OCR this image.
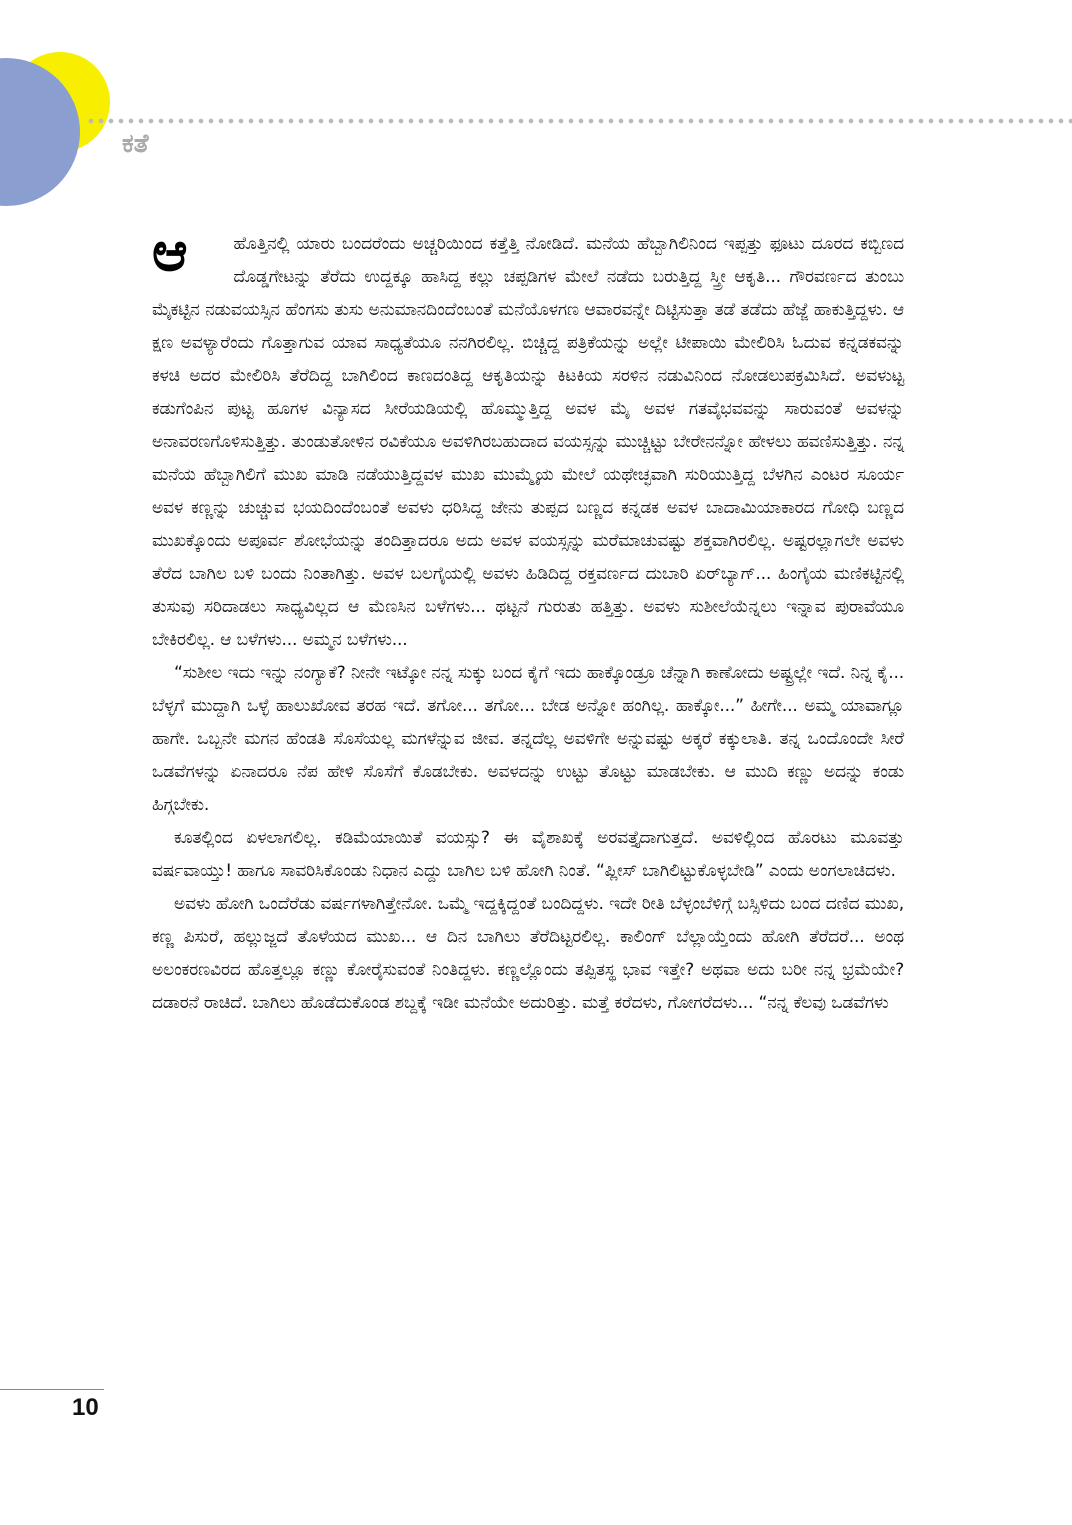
ಕತೆ

ಆ	ಹೊತ್ತಿನಲ್ಲಿ ಯಾರು ಬಂದರೆಂದು ಅಚ್ಚರಿಯಿಂದ ಕತ್ತೆತ್ತಿ ನೋಡಿದೆ. ಮನೆಯ ಹೆಬ್ಬಾಗಿಲಿನಿಂದ ಇಪ್ಪತ್ತು ಫೂಟು ದೂರದ ಕಬ್ಬಿಣದ ದೊಡ್ಡಗೇಟನ್ನು ತೆರೆದು ಉದ್ದಕ್ಕೂ ಹಾಸಿದ್ದ ಕಲ್ಲು ಚಪ್ಪಡಿಗಳ ಮೇಲೆ ನಡೆದು ಬರುತ್ತಿದ್ದ ಸ್ತ್ರೀ ಆಕೃತಿ... ಗೌರವರ್ಣದ ತುಂಬು ಮೈಕಟ್ಟಿನ ನಡುವಯಸ್ಸಿನ ಹೆಂಗಸು ತುಸು ಅನುಮಾನದಿಂದೆಂಬಂತೆ ಮನೆಯೊಳಗಣ ಆವಾರವನ್ನೇ ದಿಟ್ಟಿಸುತ್ತಾ ತಡೆ ತಡೆದು ಹೆಜ್ಜೆ ಹಾಕುತ್ತಿದ್ದಳು. ಆ ಕ್ಷಣ ಅವಳ್ಯಾರೆಂದು ಗೊತ್ತಾಗುವ ಯಾವ ಸಾಧ್ಯತೆಯೂ ನನಗಿರಲಿಲ್ಲ. ಬಿಚ್ಚಿದ್ದ ಪತ್ರಿಕೆಯನ್ನು ಅಲ್ಲೇ ಟೀಪಾಯಿ ಮೇಲಿರಿಸಿ ಓದುವ ಕನ್ನಡಕವನ್ನು ಕಳಚಿ ಅದರ ಮೇಲಿರಿಸಿ ತೆರೆದಿದ್ದ ಬಾಗಿಲಿಂದ ಕಾಣದಂತಿದ್ದ ಆಕೃತಿಯನ್ನು ಕಿಟಕಿಯ ಸರಳಿನ ನಡುವಿನಿಂದ ನೋಡಲುಪಕ್ರಮಿಸಿದೆ. ಅವಳುಟ್ಟ ಕಡುಗೆಂಪಿನ ಪುಟ್ಟ ಹೂಗಳ ವಿನ್ಯಾಸದ ಸೀರೆಯಡಿಯಲ್ಲಿ ಹೊಮ್ಮುತ್ತಿದ್ದ ಅವಳ ಮೈ ಅವಳ ಗತವೈಭವವನ್ನು ಸಾರುವಂತೆ ಅವಳನ್ನು ಅನಾವರಣಗೊಳಿಸುತ್ತಿತ್ತು. ತುಂಡುತೋಳಿನ ರವಿಕೆಯೂ ಅವಳಿಗಿರಬಹುದಾದ ವಯಸ್ಸನ್ನು ಮುಚ್ಚಿಟ್ಟು ಬೇರೇನನ್ನೋ ಹೇಳಲು ಹವಣಿಸುತ್ತಿತ್ತು. ನನ್ನ ಮನೆಯ ಹೆಬ್ಬಾಗಿಲಿಗೆ ಮುಖ ಮಾಡಿ ನಡೆಯುತ್ತಿದ್ದವಳ ಮುಖ ಮುಮ್ಮೈಯ ಮೇಲೆ ಯಥೇಚ್ಛವಾಗಿ ಸುರಿಯುತ್ತಿದ್ದ ಬೆಳಗಿನ ಎಂಟರ ಸೂರ್ಯ ಅವಳ ಕಣ್ಣನ್ನು ಚುಚ್ಚುವ ಭಯದಿಂದೆಂಬಂತೆ ಅವಳು ಧರಿಸಿದ್ದ ಜೇನು ತುಪ್ಪದ ಬಣ್ಣದ ಕನ್ನಡಕ ಅವಳ ಬಾದಾಮಿಯಾಕಾರದ ಗೋಧಿ ಬಣ್ಣದ ಮುಖಕ್ಕೊಂದು ಅಪೂರ್ವ ಶೋಭೆಯನ್ನು ತಂದಿತ್ತಾದರೂ ಅದು ಅವಳ ವಯಸ್ಸನ್ನು ಮರೆಮಾಚುವಷ್ಟು ಶಕ್ತವಾಗಿರಲಿಲ್ಲ. ಅಷ್ಟರಲ್ಲಾಗಲೇ ಅವಳು ತೆರೆದ ಬಾಗಿಲ ಬಳಿ ಬಂದು ನಿಂತಾಗಿತ್ತು. ಅವಳ ಬಲಗೈಯಲ್ಲಿ ಅವಳು ಹಿಡಿದಿದ್ದ ರಕ್ತವರ್ಣದ ದುಬಾರಿ ಏರ್‌ಬ್ಯಾಗ್... ಹಿಂಗೈಯ ಮಣಿಕಟ್ಟಿನಲ್ಲಿ ತುಸುವು ಸರಿದಾಡಲು ಸಾಧ್ಯವಿಲ್ಲದ ಆ ಮೆಣಸಿನ ಬಳೆಗಳು... ಥಟ್ಟನೆ ಗುರುತು ಹತ್ತಿತ್ತು. ಅವಳು ಸುಶೀಲೆಯೆನ್ನಲು ಇನ್ನಾವ ಪುರಾವೆಯೂ ಬೇಕಿರಲಿಲ್ಲ. ಆ ಬಳೆಗಳು... ಅಮ್ಮನ ಬಳೆಗಳು...

“ಸುಶೀಲ ಇದು ಇನ್ನು ನಂಗ್ಯಾಕೆ? ನೀನೇ ಇಟ್ಕೋ ನನ್ನ ಸುಕ್ಕು ಬಂದ ಕೈಗೆ ಇದು ಹಾಕ್ಕೊಂಡ್ರೂ ಚೆನ್ನಾಗಿ ಕಾಣೋದು ಅಷ್ಟ್ರಲ್ಲೇ ಇದೆ. ನಿನ್ನ ಕೈ... ಬೆಳ್ಳಗೆ ಮುದ್ದಾಗಿ ಒಳ್ಳೆ ಹಾಲುಖೋವ ತರಹ ಇದೆ. ತಗೋ... ತಗೋ... ಬೇಡ ಅನ್ನೋ ಹಂಗಿಲ್ಲ. ಹಾಕ್ಕೋ...” ಹೀಗೇ... ಅಮ್ಮ ಯಾವಾಗ್ಲೂ ಹಾಗೇ. ಒಬ್ಬನೇ ಮಗನ ಹೆಂಡತಿ ಸೊಸೆಯಲ್ಲ ಮಗಳೆನ್ನುವ ಜೀವ. ತನ್ನದೆಲ್ಲ ಅವಳಿಗೇ ಅನ್ನುವಷ್ಟು ಅಕ್ಕರೆ ಕಕ್ಕುಲಾತಿ. ತನ್ನ ಒಂದೊಂದೇ ಸೀರೆ ಒಡವೆಗಳನ್ನು ಏನಾದರೂ ನೆಪ ಹೇಳಿ ಸೊಸೆಗೆ ಕೊಡಬೇಕು. ಅವಳದನ್ನು ಉಟ್ಟು ತೊಟ್ಟು ಮಾಡಬೇಕು. ಆ ಮುದಿ ಕಣ್ಣು ಅದನ್ನು ಕಂಡು ಹಿಗ್ಗಬೇಕು.

ಕೂತಲ್ಲಿಂದ ಏಳಲಾಗಲಿಲ್ಲ. ಕಡಿಮೆಯಾಯಿತೆ ವಯಸ್ಸು? ಈ ವೈಶಾಖಕ್ಕೆ ಅರವತ್ತೈದಾಗುತ್ತದೆ. ಅವಳಿಲ್ಲಿಂದ ಹೊರಟು ಮೂವತ್ತು ವರ್ಷವಾಯ್ತು! ಹಾಗೂ ಸಾವರಿಸಿಕೊಂಡು ನಿಧಾನ ಎದ್ದು ಬಾಗಿಲ ಬಳಿ ಹೋಗಿ ನಿಂತೆ. “ಪ್ಲೀಸ್ ಬಾಗಿಲಿಟ್ಟುಕೊಳ್ಳಬೇಡಿ” ಎಂದು ಅಂಗಲಾಚಿದಳು.

ಅವಳು ಹೋಗಿ ಒಂದೆರೆಡು ವರ್ಷಗಳಾಗಿತ್ತೇನೋ. ಒಮ್ಮೆ ಇದ್ದಕ್ಕಿದ್ದಂತೆ ಬಂದಿದ್ದಳು. ಇದೇ ರೀತಿ ಬೆಳ್ಳಂಬೆಳಿಗ್ಗೆ ಬಸ್ಸಿಳಿದು ಬಂದ ದಣಿದ ಮುಖ, ಕಣ್ಣ ಪಿಸುರೆ, ಹಲ್ಲುಜ್ಜದೆ ತೊಳೆಯದ ಮುಖ... ಆ ದಿನ ಬಾಗಿಲು ತೆರೆದಿಟ್ಟರಲಿಲ್ಲ. ಕಾಲಿಂಗ್ ಬೆಲ್ಲಾಯ್ತೆಂದು ಹೋಗಿ ತೆರೆದರೆ... ಅಂಥ ಅಲಂಕರಣವಿರದ ಹೊತ್ತಲ್ಲೂ ಕಣ್ಣು ಕೋರೈಸುವಂತೆ ನಿಂತಿದ್ದಳು. ಕಣ್ಣಲ್ಲೊಂದು ತಪ್ಪಿತಸ್ಥ ಭಾವ ಇತ್ತೇ? ಅಥವಾ ಅದು ಬರೀ ನನ್ನ ಭ್ರಮೆಯೇ? ದಡಾರನೆ ರಾಚಿದೆ. ಬಾಗಿಲು ಹೊಡೆದುಕೊಂಡ ಶಬ್ದಕ್ಕೆ ಇಡೀ ಮನೆಯೇ ಅದುರಿತ್ತು. ಮತ್ತೆ ಕರೆದಳು, ಗೋಗರೆದಳು... “ನನ್ನ ಕೆಲವು ಒಡವೆಗಳು

10
